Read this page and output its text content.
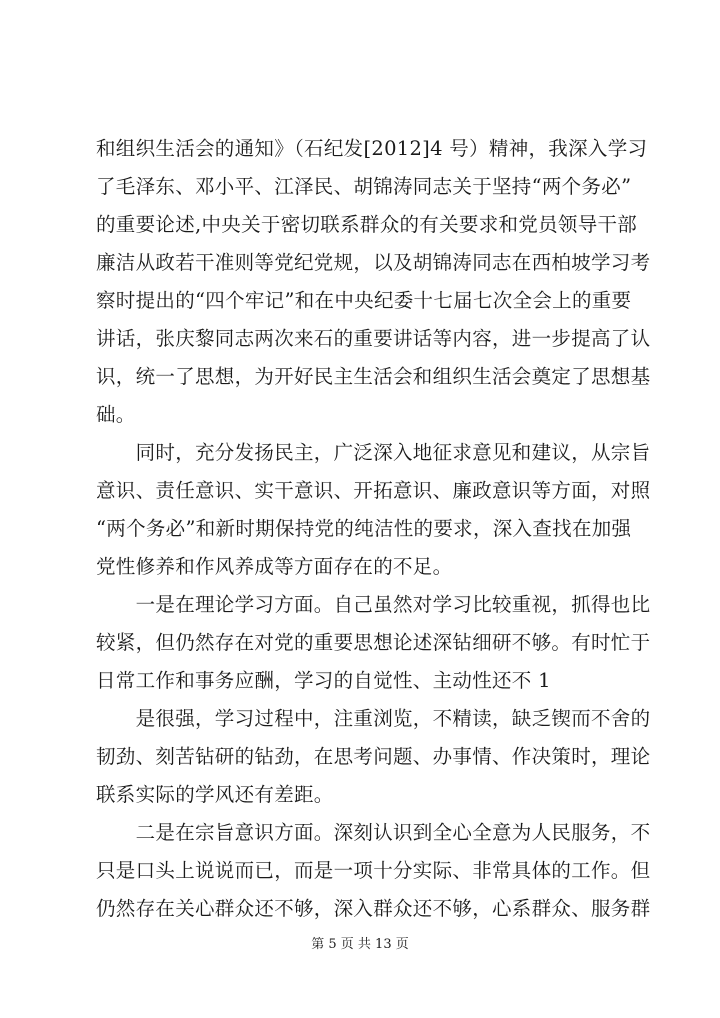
和组织生活会的通知》（石纪发[2012]4 号）精神，我深入学习
了毛泽东、邓小平、江泽民、胡锦涛同志关于坚持“两个务必”
的重要论述,中央关于密切联系群众的有关要求和党员领导干部
廉洁从政若干准则等党纪党规，以及胡锦涛同志在西柏坡学习考
察时提出的“四个牢记”和在中央纪委十七届七次全会上的重要
讲话，张庆黎同志两次来石的重要讲话等内容，进一步提高了认
识，统一了思想，为开好民主生活会和组织生活会奠定了思想基
础。
　　同时，充分发扬民主，广泛深入地征求意见和建议，从宗旨
意识、责任意识、实干意识、开拓意识、廉政意识等方面，对照
“两个务必”和新时期保持党的纯洁性的要求，深入查找在加强
党性修养和作风养成等方面存在的不足。
　　一是在理论学习方面。自己虽然对学习比较重视，抓得也比
较紧，但仍然存在对党的重要思想论述深钻细研不够。有时忙于
日常工作和事务应酬，学习的自觉性、主动性还不 1
　　是很强，学习过程中，注重浏览，不精读，缺乏锲而不舍的
韧劲、刻苦钻研的钻劲，在思考问题、办事情、作决策时，理论
联系实际的学风还有差距。
　　二是在宗旨意识方面。深刻认识到全心全意为人民服务，不
只是口头上说说而已，而是一项十分实际、非常具体的工作。但
仍然存在关心群众还不够，深入群众还不够，心系群众、服务群
第 5 页 共 13 页
